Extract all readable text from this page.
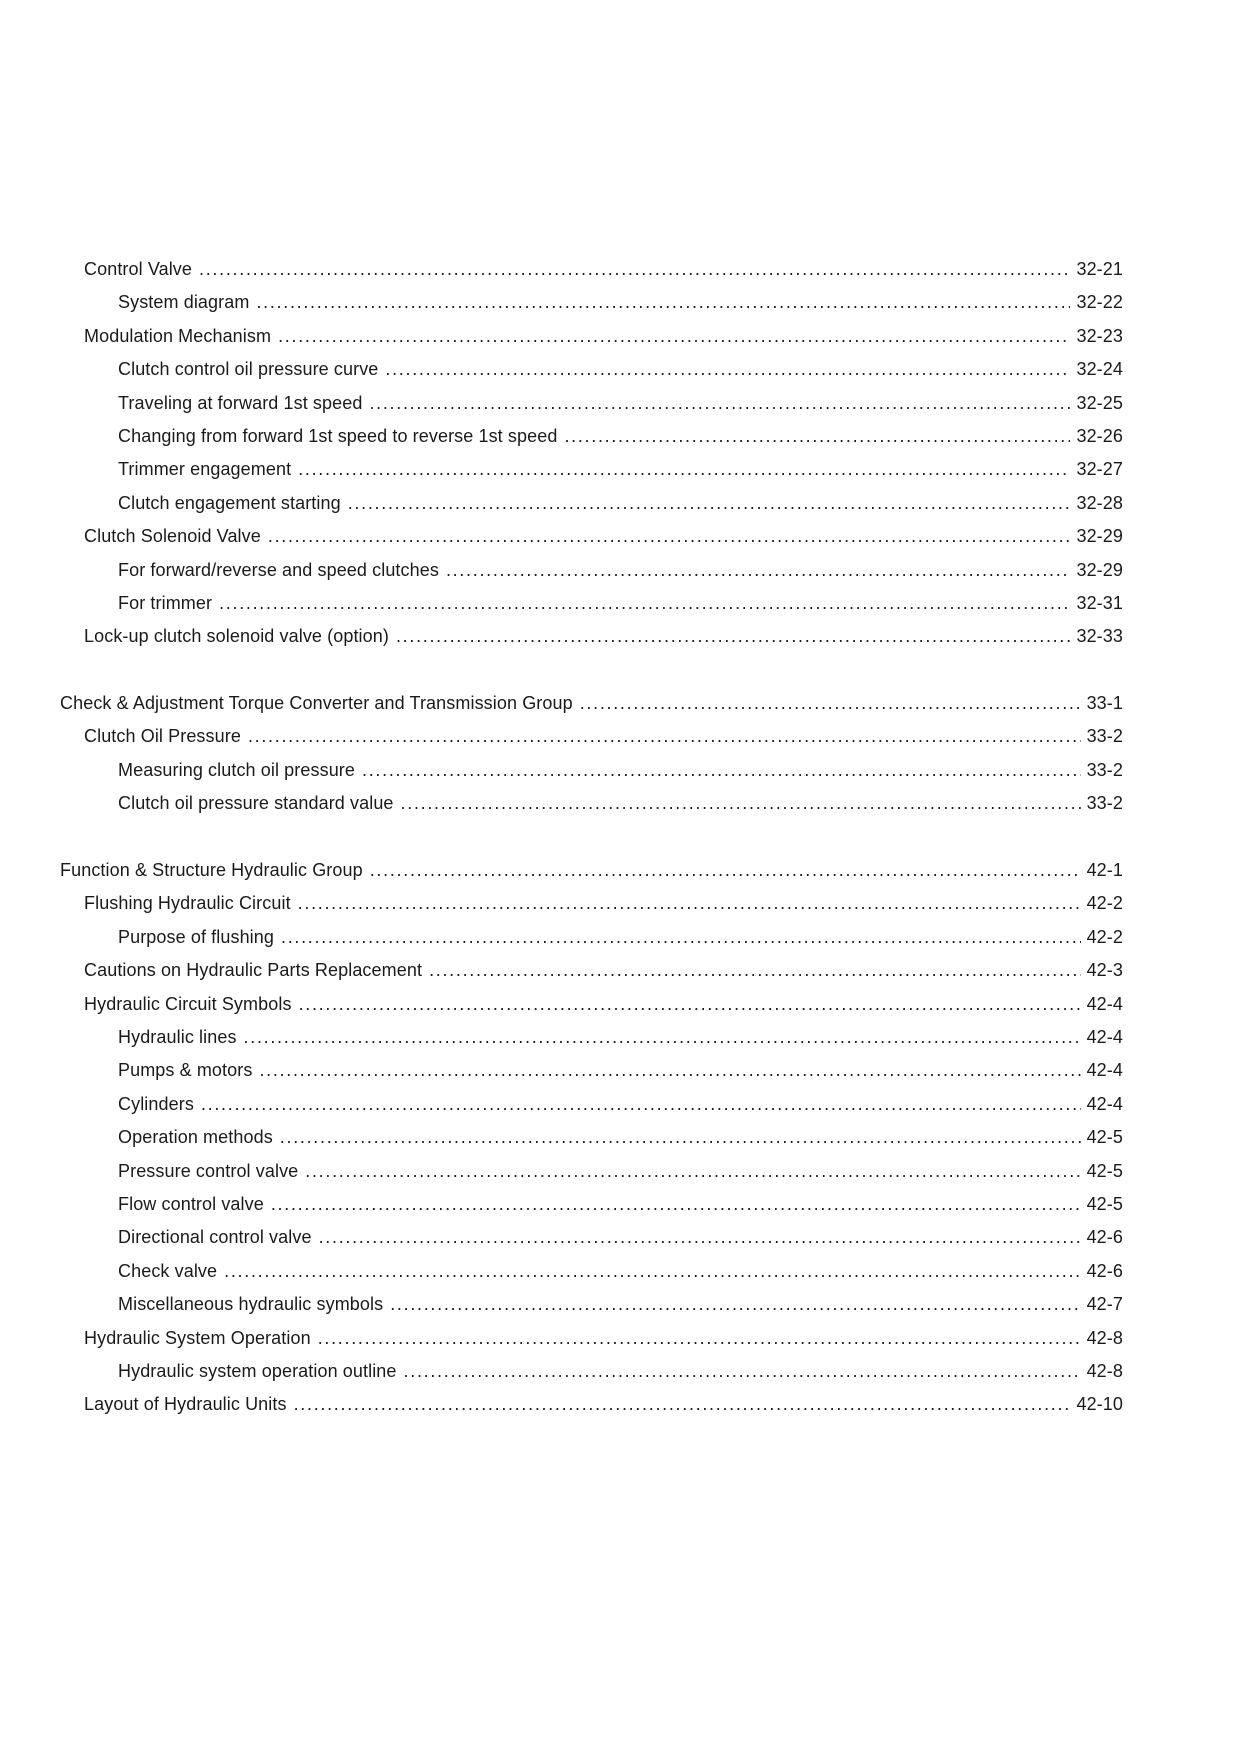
Control Valve .....	32-21
System diagram .....	32-22
Modulation Mechanism .....	32-23
Clutch control oil pressure curve .....	32-24
Traveling at forward 1st speed .....	32-25
Changing from forward 1st speed to reverse 1st speed .....	32-26
Trimmer engagement .....	32-27
Clutch engagement starting .....	32-28
Clutch Solenoid Valve .....	32-29
For forward/reverse and speed clutches .....	32-29
For trimmer .....	32-31
Lock-up clutch solenoid valve (option) .....	32-33
Check & Adjustment Torque Converter and Transmission Group .....	33-1
Clutch Oil Pressure .....	33-2
Measuring clutch oil pressure .....	33-2
Clutch oil pressure standard value .....	33-2
Function & Structure Hydraulic Group .....	42-1
Flushing Hydraulic Circuit .....	42-2
Purpose of flushing .....	42-2
Cautions on Hydraulic Parts Replacement .....	42-3
Hydraulic Circuit Symbols .....	42-4
Hydraulic lines .....	42-4
Pumps & motors .....	42-4
Cylinders .....	42-4
Operation methods .....	42-5
Pressure control valve .....	42-5
Flow control valve .....	42-5
Directional control valve .....	42-6
Check valve .....	42-6
Miscellaneous hydraulic symbols .....	42-7
Hydraulic System Operation .....	42-8
Hydraulic system operation outline .....	42-8
Layout of Hydraulic Units .....	42-10
